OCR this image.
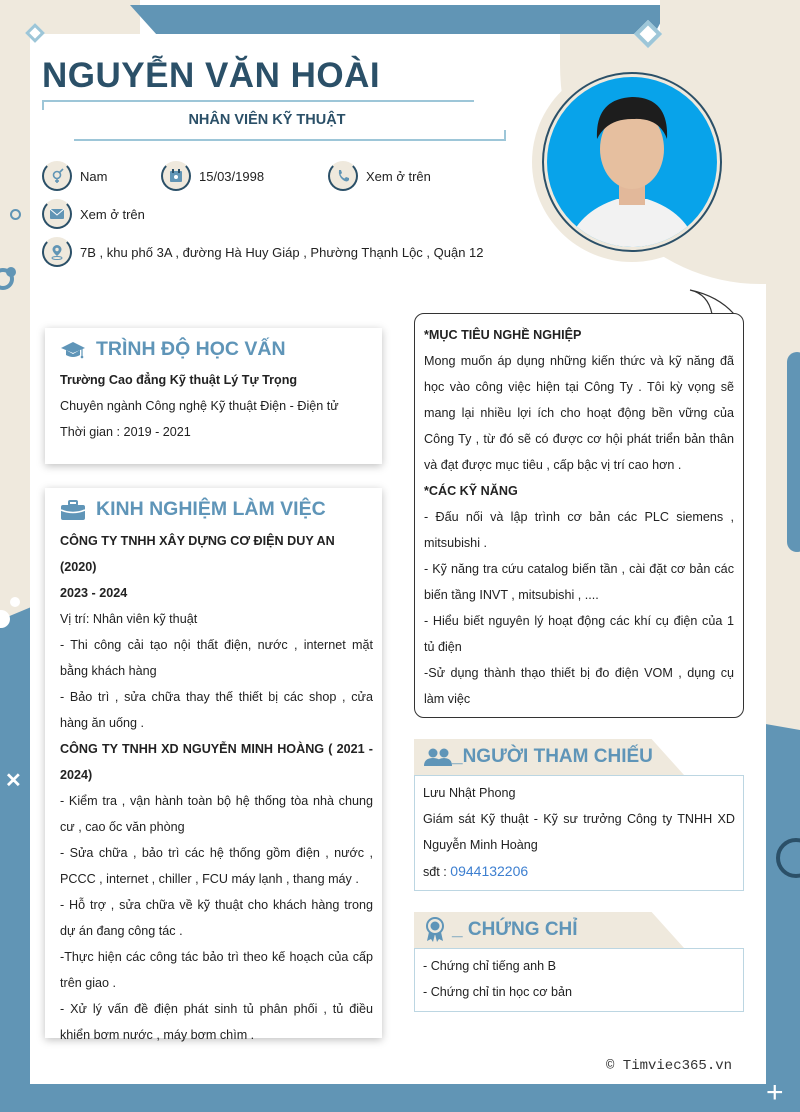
✕
+
NGUYỄN VĂN HOÀI
NHÂN VIÊN KỸ THUẬT
Nam	15/03/1998	Xem ở trên
Xem ở trên
7B , khu phố 3A , đường Hà Huy Giáp , Phường Thạnh Lộc , Quận 12
TRÌNH ĐỘ HỌC VẤN

Trường Cao đẳng Kỹ thuật Lý Tự Trọng

Chuyên ngành Công nghệ Kỹ thuật Điện - Điện tử

Thời gian : 2019 - 2021

KINH NGHIỆM LÀM VIỆC

CÔNG TY TNHH XÂY DỰNG CƠ ĐIỆN DUY AN (2020)

2023 - 2024

Vị trí: Nhân viên kỹ thuật

- Thi công cải tạo nội thất điện, nước , internet mặt bằng khách hàng

- Bảo trì , sửa chữa thay thế thiết bị các shop , cửa hàng ăn uống .

CÔNG TY TNHH XD NGUYỄN MINH HOÀNG ( 2021 - 2024)

- Kiểm tra , vận hành toàn bộ hệ thống tòa nhà chung cư , cao ốc văn phòng

- Sửa chữa , bảo trì các hệ thống gồm điện , nước , PCCC , internet , chiller , FCU máy lạnh , thang máy .

- Hỗ trợ , sửa chữa về kỹ thuật cho khách hàng trong dự án đang công tác .

-Thực hiện các công tác bảo trì theo kế hoạch của cấp trên giao .

- Xử lý vấn đề điện phát sinh tủ phân phối , tủ điều khiển bơm nước , máy bơm chìm .

*MỤC TIÊU NGHỀ NGHIỆP

Mong muốn áp dụng những kiến thức và kỹ năng đã học vào công việc hiện tại Công Ty . Tôi kỳ vọng sẽ mang lại nhiều lợi ích cho hoạt động bền vững của Công Ty , từ đó sẽ có được cơ hội phát triển bản thân và đạt được mục tiêu , cấp bậc vị trí cao hơn .

*CÁC KỸ NĂNG

- Đấu nối và lập trình cơ bản các PLC siemens , mitsubishi .

- Kỹ năng tra cứu catalog biến tần , cài đặt cơ bản các biến tầng INVT , mitsubishi , ....

- Hiểu biết nguyên lý hoạt động các khí cụ điện của 1 tủ điện

-Sử dụng thành thạo thiết bị đo điện VOM , dụng cụ làm việc

_NGƯỜI THAM CHIẾU

Lưu Nhật Phong

Giám sát Kỹ thuật - Kỹ sư trưởng Công ty TNHH XD Nguyễn Minh Hoàng

sđt : 0944132206

_ CHỨNG CHỈ

- Chứng chỉ tiếng anh B

- Chứng chỉ tin học cơ bản

© Timviec365.vn
